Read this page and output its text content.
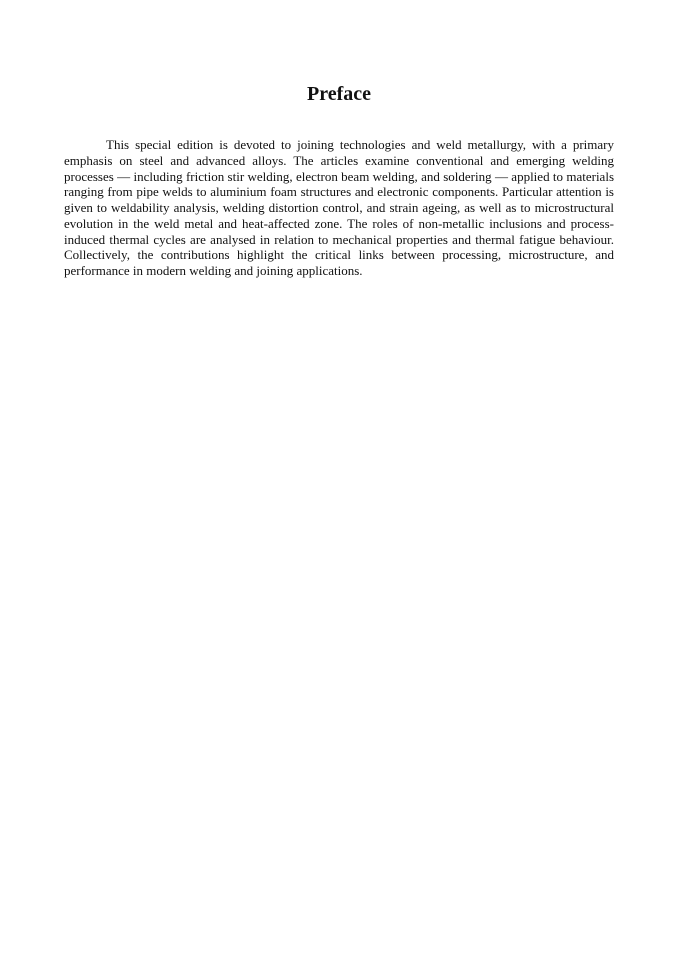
Preface

This special edition is devoted to joining technologies and weld metallurgy, with a primary emphasis on steel and advanced alloys. The articles examine conventional and emerging welding processes — including friction stir welding, electron beam welding, and soldering — applied to materials ranging from pipe welds to aluminium foam structures and electronic components. Particular attention is given to weldability analysis, welding distortion control, and strain ageing, as well as to microstructural evolution in the weld metal and heat-affected zone. The roles of non-metallic inclusions and process-induced thermal cycles are analysed in relation to mechanical properties and thermal fatigue behaviour. Collectively, the contributions highlight the critical links between processing, microstructure, and performance in modern welding and joining applications.
